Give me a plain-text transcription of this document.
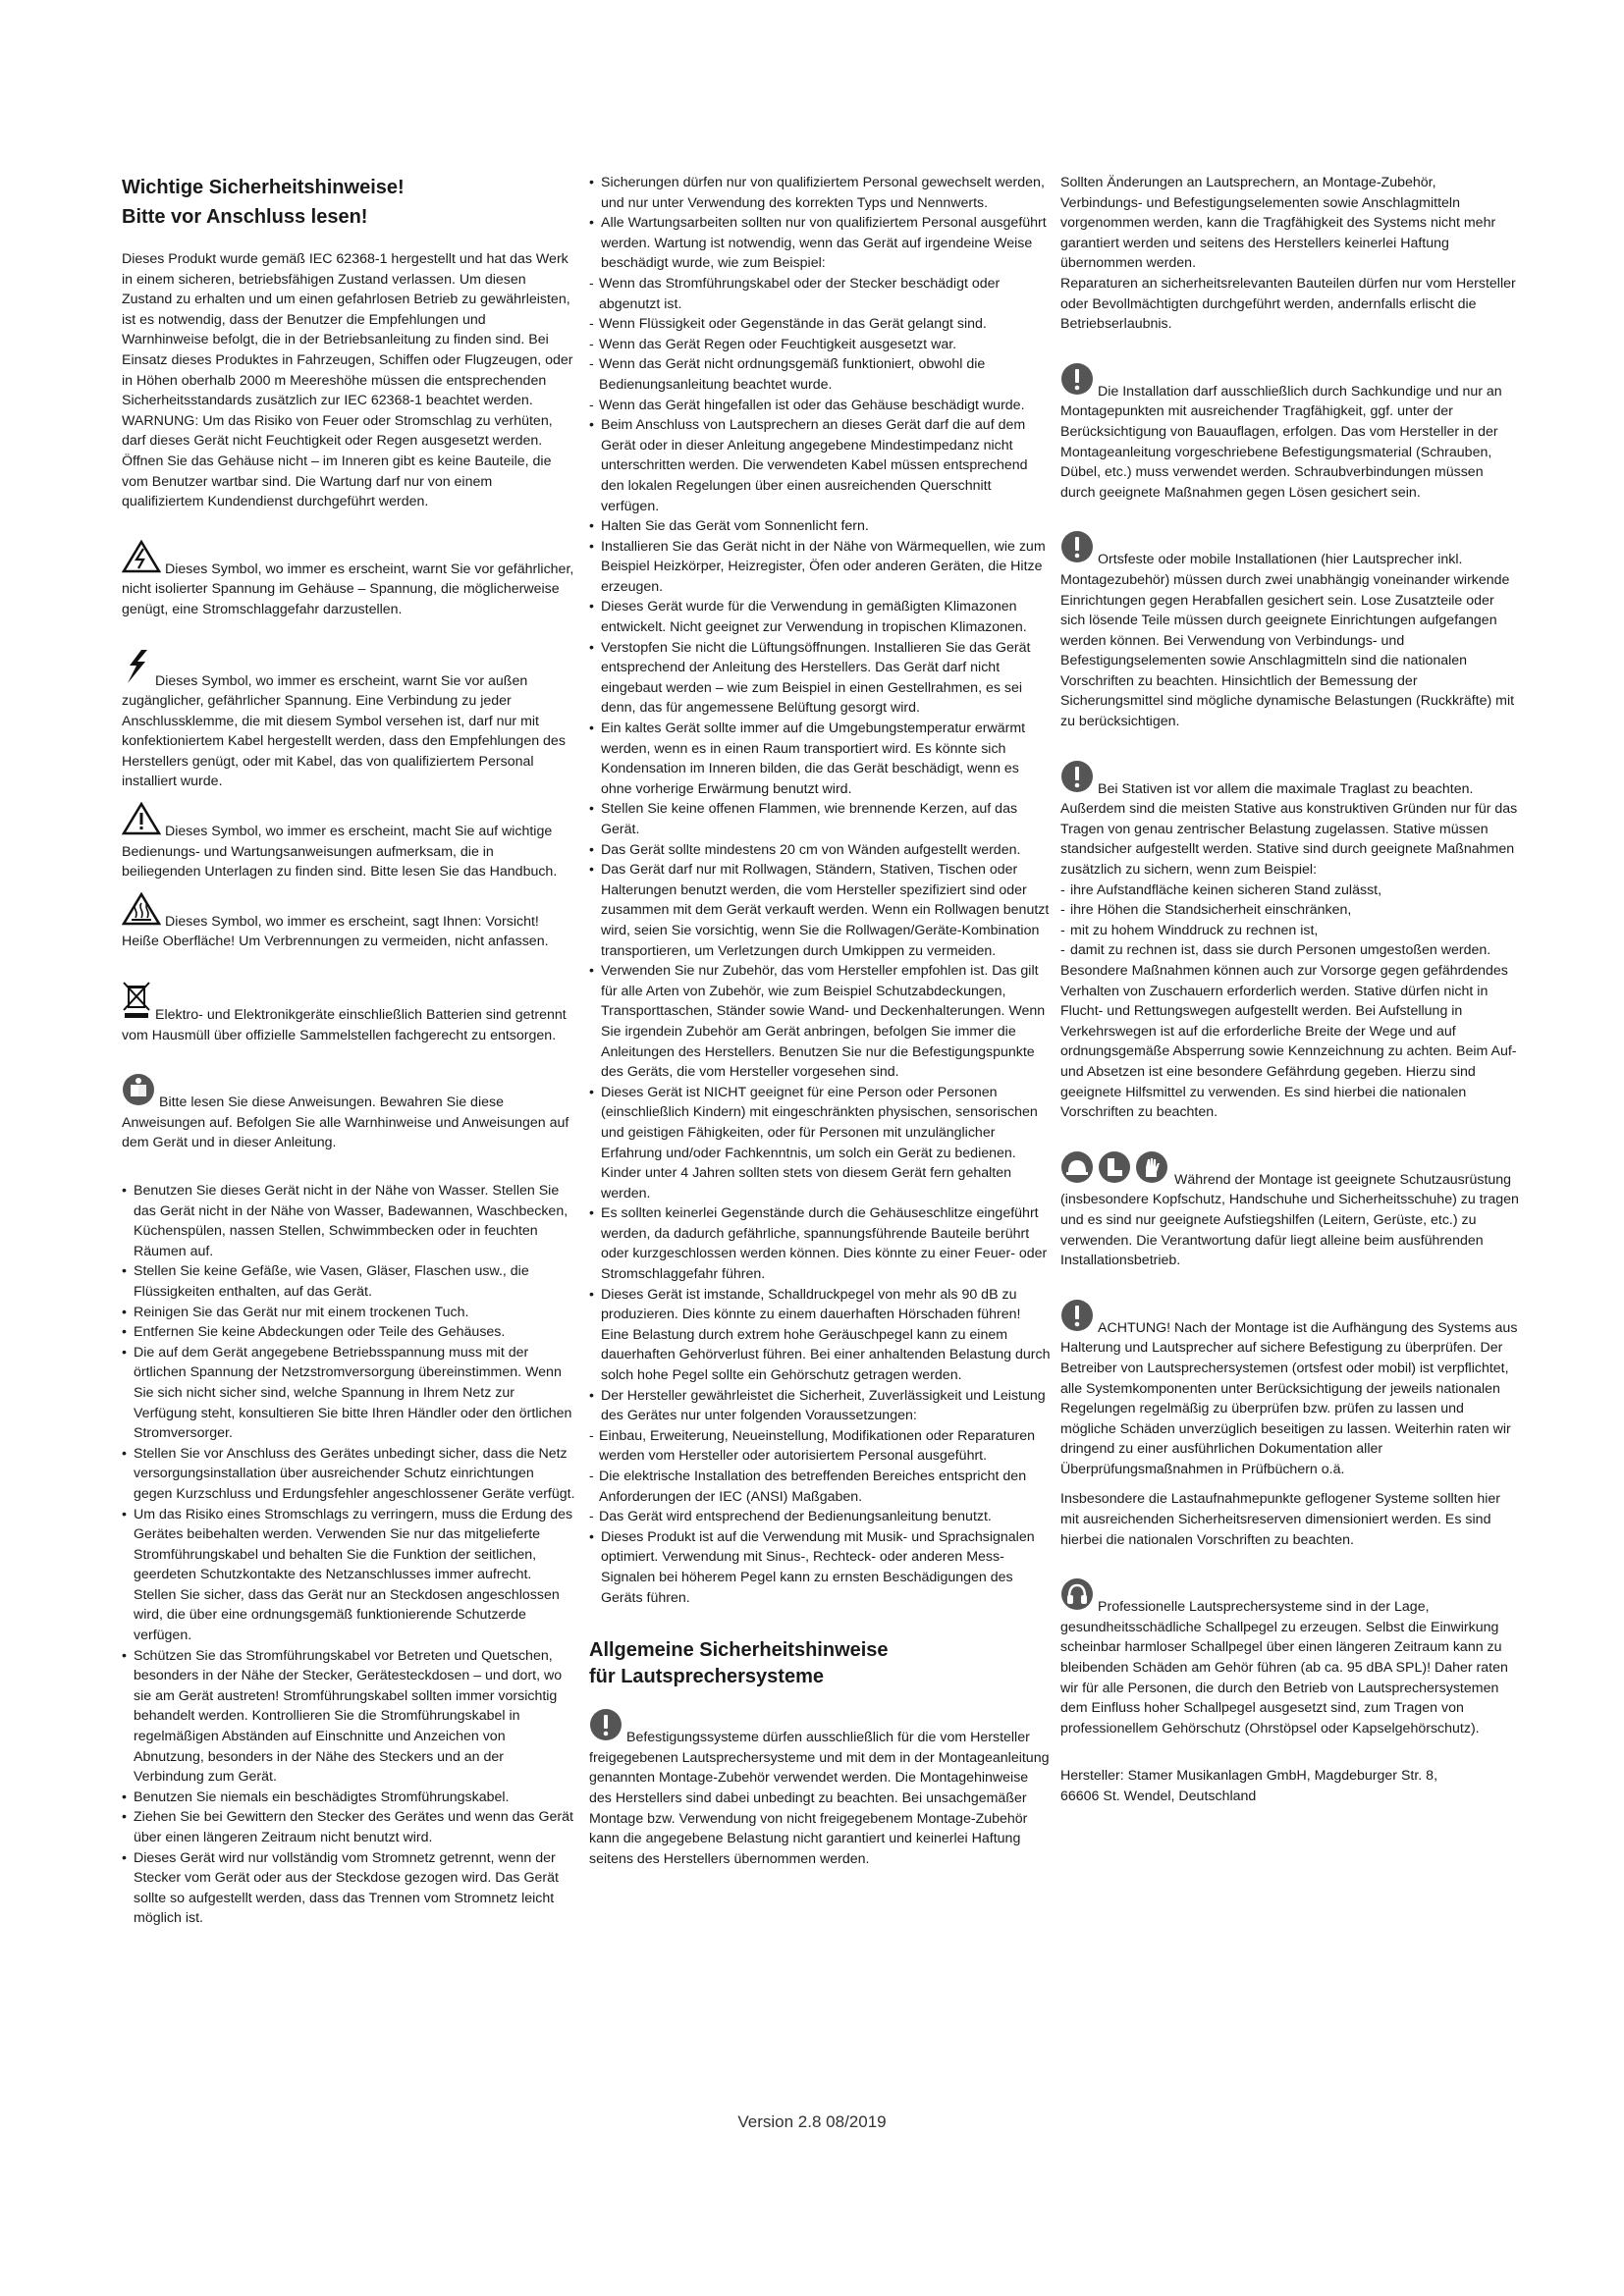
Wichtige Sicherheitshinweise!
Bitte vor Anschluss lesen!

Dieses Produkt wurde gemäß IEC 62368-1 hergestellt und hat das Werk in einem sicheren, betriebsfähigen Zustand verlassen. Um diesen Zustand zu erhalten und um einen gefahrlosen Betrieb zu gewährleisten, ist es notwendig, dass der Benutzer die Empfehlungen und Warnhinweise befolgt, die in der Betriebsanleitung zu finden sind. Bei Einsatz dieses Produktes in Fahrzeugen, Schiffen oder Flugzeugen, oder in Höhen oberhalb 2000 m Meereshöhe müssen die entsprechenden Sicherheitsstandards zusätzlich zur IEC 62368-1 beachtet werden. WARNUNG: Um das Risiko von Feuer oder Stromschlag zu verhüten, darf dieses Gerät nicht Feuchtigkeit oder Regen ausgesetzt werden. Öffnen Sie das Gehäuse nicht – im Inneren gibt es keine Bauteile, die vom Benutzer wartbar sind. Die Wartung darf nur von einem qualifiziertem Kundendienst durchgeführt werden.

Dieses Symbol, wo immer es erscheint, warnt Sie vor gefährlicher, nicht isolierter Spannung im Gehäuse – Spannung, die möglicherweise genügt, eine Stromschlaggefahr darzustellen.

Dieses Symbol, wo immer es erscheint, warnt Sie vor außen zugänglicher, gefährlicher Spannung. Eine Verbindung zu jeder Anschlussklemme, die mit diesem Symbol versehen ist, darf nur mit konfektioniertem Kabel hergestellt werden, dass den Empfehlungen des Herstellers genügt, oder mit Kabel, das von qualifiziertem Personal installiert wurde.

Dieses Symbol, wo immer es erscheint, macht Sie auf wichtige Bedienungs- und Wartungsanweisungen aufmerksam, die in beiliegenden Unterlagen zu finden sind. Bitte lesen Sie das Handbuch.

Dieses Symbol, wo immer es erscheint, sagt Ihnen: Vorsicht! Heiße Oberfläche! Um Verbrennungen zu vermeiden, nicht anfassen.

Elektro- und Elektronikgeräte einschließlich Batterien sind getrennt vom Hausmüll über offizielle Sammelstellen fachgerecht zu entsorgen.

Bitte lesen Sie diese Anweisungen. Bewahren Sie diese Anweisungen auf. Befolgen Sie alle Warnhinweise und Anweisungen auf dem Gerät und in dieser Anleitung.

• Benutzen Sie dieses Gerät nicht in der Nähe von Wasser. Stellen Sie das Gerät nicht in der Nähe von Wasser, Badewannen, Waschbecken, Küchenspülen, nassen Stellen, Schwimmbecken oder in feuchten Räumen auf.
• Stellen Sie keine Gefäße, wie Vasen, Gläser, Flaschen usw., die Flüssigkeiten enthalten, auf das Gerät.
• Reinigen Sie das Gerät nur mit einem trockenen Tuch.
• Entfernen Sie keine Abdeckungen oder Teile des Gehäuses.
• Die auf dem Gerät angegebene Betriebsspannung muss mit der örtlichen Spannung der Netzstromversorgung übereinstimmen. Wenn Sie sich nicht sicher sind, welche Spannung in Ihrem Netz zur Verfügung steht, konsultieren Sie bitte Ihren Händler oder den örtlichen Stromversorger.
• Stellen Sie vor Anschluss des Gerätes unbedingt sicher, dass die Netz versorgungsinstallation über ausreichender Schutz einrichtungen gegen Kurzschluss und Erdungsfehler angeschlossener Geräte verfügt.
• Um das Risiko eines Stromschlags zu verringern, muss die Erdung des Gerätes beibehalten werden. Verwenden Sie nur das mitgelieferte Stromführungskabel und behalten Sie die Funktion der seitlichen, geerdeten Schutzkontakte des Netzanschlusses immer aufrecht. Stellen Sie sicher, dass das Gerät nur an Steckdosen angeschlossen wird, die über eine ordnungsgemäß funktionierende Schutzerde verfügen.
• Schützen Sie das Stromführungskabel vor Betreten und Quetschen, besonders in der Nähe der Stecker, Gerätesteckdosen – und dort, wo sie am Gerät austreten! Stromführungskabel sollten immer vorsichtig behandelt werden. Kontrollieren Sie die Stromführungskabel in regelmäßigen Abständen auf Einschnitte und Anzeichen von Abnutzung, besonders in der Nähe des Steckers und an der Verbindung zum Gerät.
• Benutzen Sie niemals ein beschädigtes Stromführungskabel.
• Ziehen Sie bei Gewittern den Stecker des Gerätes und wenn das Gerät über einen längeren Zeitraum nicht benutzt wird.
• Dieses Gerät wird nur vollständig vom Stromnetz getrennt, wenn der Stecker vom Gerät oder aus der Steckdose gezogen wird. Das Gerät sollte so aufgestellt werden, dass das Trennen vom Stromnetz leicht möglich ist.
• Sicherungen dürfen nur von qualifiziertem Personal gewechselt werden, und nur unter Verwendung des korrekten Typs und Nennwerts.
• Alle Wartungsarbeiten sollten nur von qualifiziertem Personal ausgeführt werden. Wartung ist notwendig, wenn das Gerät auf irgendeine Weise beschädigt wurde, wie zum Beispiel:
- Wenn das Stromführungskabel oder der Stecker beschädigt oder abgenutzt ist.
- Wenn Flüssigkeit oder Gegenstände in das Gerät gelangt sind.
- Wenn das Gerät Regen oder Feuchtigkeit ausgesetzt war.
- Wenn das Gerät nicht ordnungsgemäß funktioniert, obwohl die Bedienungsanleitung beachtet wurde.
- Wenn das Gerät hingefallen ist oder das Gehäuse beschädigt wurde.
• Beim Anschluss von Lautsprechern an dieses Gerät darf die auf dem Gerät oder in dieser Anleitung angegebene Mindestimpedanz nicht unterschritten werden. Die verwendeten Kabel müssen entsprechend den lokalen Regelungen über einen ausreichenden Querschnitt verfügen.
• Halten Sie das Gerät vom Sonnenlicht fern.
• Installieren Sie das Gerät nicht in der Nähe von Wärmequellen, wie zum Beispiel Heizkörper, Heizregister, Öfen oder anderen Geräten, die Hitze erzeugen.
• Dieses Gerät wurde für die Verwendung in gemäßigten Klimazonen entwickelt. Nicht geeignet zur Verwendung in tropischen Klimazonen.
• Verstopfen Sie nicht die Lüftungsöffnungen. Installieren Sie das Gerät entsprechend der Anleitung des Herstellers. Das Gerät darf nicht eingebaut werden – wie zum Beispiel in einen Gestellrahmen, es sei denn, das für angemessene Belüftung gesorgt wird.
• Ein kaltes Gerät sollte immer auf die Umgebungstemperatur erwärmt werden, wenn es in einen Raum transportiert wird. Es könnte sich Kondensation im Inneren bilden, die das Gerät beschädigt, wenn es ohne vorherige Erwärmung benutzt wird.
• Stellen Sie keine offenen Flammen, wie brennende Kerzen, auf das Gerät.
• Das Gerät sollte mindestens 20 cm von Wänden aufgestellt werden.
• Das Gerät darf nur mit Rollwagen, Ständern, Stativen, Tischen oder Halterungen benutzt werden, die vom Hersteller spezifiziert sind oder zusammen mit dem Gerät verkauft werden. Wenn ein Rollwagen benutzt wird, seien Sie vorsichtig, wenn Sie die Rollwagen/Geräte-Kombination transportieren, um Verletzungen durch Umkippen zu vermeiden.
• Verwenden Sie nur Zubehör, das vom Hersteller empfohlen ist. Das gilt für alle Arten von Zubehör, wie zum Beispiel Schutzabdeckungen, Transporttaschen, Ständer sowie Wand- und Deckenhalterungen. Wenn Sie irgendein Zubehör am Gerät anbringen, befolgen Sie immer die Anleitungen des Herstellers. Benutzen Sie nur die Befestigungspunkte des Geräts, die vom Hersteller vorgesehen sind.
• Dieses Gerät ist NICHT geeignet für eine Person oder Personen (einschließlich Kindern) mit eingeschränkten physischen, sensorischen und geistigen Fähigkeiten, oder für Personen mit unzulänglicher Erfahrung und/oder Fachkenntnis, um solch ein Gerät zu bedienen. Kinder unter 4 Jahren sollten stets von diesem Gerät fern gehalten werden.
• Es sollten keinerlei Gegenstände durch die Gehäuseschlitze eingeführt werden, da dadurch gefährliche, spannungsführende Bauteile berührt oder kurzgeschlossen werden können. Dies könnte zu einer Feuer- oder Stromschlaggefahr führen.
• Dieses Gerät ist imstande, Schalldruckpegel von mehr als 90 dB zu produzieren. Dies könnte zu einem dauerhaften Hörschaden führen! Eine Belastung durch extrem hohe Geräuschpegel kann zu einem dauerhaften Gehörverlust führen. Bei einer anhaltenden Belastung durch solch hohe Pegel sollte ein Gehörschutz getragen werden.
• Der Hersteller gewährleistet die Sicherheit, Zuverlässigkeit und Leistung des Gerätes nur unter folgenden Voraussetzungen:
- Einbau, Erweiterung, Neueinstellung, Modifikationen oder Reparaturen werden vom Hersteller oder autorisiertem Personal ausgeführt.
- Die elektrische Installation des betreffenden Bereiches entspricht den Anforderungen der IEC (ANSI) Maßgaben.
- Das Gerät wird entsprechend der Bedienungsanleitung benutzt.
• Dieses Produkt ist auf die Verwendung mit Musik- und Sprachsignalen optimiert. Verwendung mit Sinus-, Rechteck- oder anderen Mess-Signalen bei höherem Pegel kann zu ernsten Beschädigungen des Geräts führen.
Allgemeine Sicherheitshinweise
für Lautsprechersysteme

Befestigungssysteme dürfen ausschließlich für die vom Hersteller freigegebenen Lautsprechersysteme und mit dem in der Montageanleitung genannten Montage-Zubehör verwendet werden. Die Montagehinweise des Herstellers sind dabei unbedingt zu beachten. Bei unsachgemäßer Montage bzw. Verwendung von nicht freigegebenem Montage-Zubehör kann die angegebene Belastung nicht garantiert und keinerlei Haftung seitens des Herstellers übernommen werden.

Sollten Änderungen an Lautsprechern, an Montage-Zubehör, Verbindungs- und Befestigungselementen sowie Anschlagmitteln vorgenommen werden, kann die Tragfähigkeit des Systems nicht mehr garantiert werden und seitens des Herstellers keinerlei Haftung übernommen werden.

Reparaturen an sicherheitsrelevanten Bauteilen dürfen nur vom Hersteller oder Bevollmächtigten durchgeführt werden, andernfalls erlischt die Betriebserlaubnis.

Die Installation darf ausschließlich durch Sachkundige und nur an Montagepunkten mit ausreichender Tragfähigkeit, ggf. unter der Berücksichtigung von Bauauflagen, erfolgen. Das vom Hersteller in der Montageanleitung vorgeschriebene Befestigungsmaterial (Schrauben, Dübel, etc.) muss verwendet werden. Schraubverbindungen müssen durch geeignete Maßnahmen gegen Lösen gesichert sein.

Ortsfeste oder mobile Installationen (hier Lautsprecher inkl. Montagezubehör) müssen durch zwei unabhängig voneinander wirkende Einrichtungen gegen Herabfallen gesichert sein. Lose Zusatzteile oder sich lösende Teile müssen durch geeignete Einrichtungen aufgefangen werden können. Bei Verwendung von Verbindungs- und Befestigungselementen sowie Anschlagmitteln sind die nationalen Vorschriften zu beachten. Hinsichtlich der Bemessung der Sicherungsmittel sind mögliche dynamische Belastungen (Ruckkräfte) mit zu berücksichtigen.

Bei Stativen ist vor allem die maximale Traglast zu beachten. Außerdem sind die meisten Stative aus konstruktiven Gründen nur für das Tragen von genau zentrischer Belastung zugelassen. Stative müssen standsicher aufgestellt werden. Stative sind durch geeignete Maßnahmen zusätzlich zu sichern, wenn zum Beispiel:

- ihre Aufstandfläche keinen sicheren Stand zulässt,
- ihre Höhen die Standsicherheit einschränken,
- mit zu hohem Winddruck zu rechnen ist,
- damit zu rechnen ist, dass sie durch Personen umgestoßen werden.

Besondere Maßnahmen können auch zur Vorsorge gegen gefährdendes Verhalten von Zuschauern erforderlich werden. Stative dürfen nicht in Flucht- und Rettungswegen aufgestellt werden. Bei Aufstellung in Verkehrswegen ist auf die erforderliche Breite der Wege und auf ordnungsgemäße Absperrung sowie Kennzeichnung zu achten. Beim Auf- und Absetzen ist eine besondere Gefährdung gegeben. Hierzu sind geeignete Hilfsmittel zu verwenden. Es sind hierbei die nationalen Vorschriften zu beachten.

Während der Montage ist geeignete Schutzausrüstung (insbesondere Kopfschutz, Handschuhe und Sicherheitsschuhe) zu tragen und es sind nur geeignete Aufstiegshilfen (Leitern, Gerüste, etc.) zu verwenden. Die Verantwortung dafür liegt alleine beim ausführenden Installationsbetrieb.

ACHTUNG! Nach der Montage ist die Aufhängung des Systems aus Halterung und Lautsprecher auf sichere Befestigung zu überprüfen. Der Betreiber von Lautsprechersystemen (ortsfest oder mobil) ist verpflichtet, alle Systemkomponenten unter Berücksichtigung der jeweils nationalen Regelungen regelmäßig zu überprüfen bzw. prüfen zu lassen und mögliche Schäden unverzüglich beseitigen zu lassen. Weiterhin raten wir dringend zu einer ausführlichen Dokumentation aller Überprüfungsmaßnahmen in Prüfbüchern o.ä.

Insbesondere die Lastaufnahmepunkte geflogener Systeme sollten hier mit ausreichenden Sicherheitsreserven dimensioniert werden. Es sind hierbei die nationalen Vorschriften zu beachten.

Professionelle Lautsprechersysteme sind in der Lage, gesundheitsschädliche Schallpegel zu erzeugen. Selbst die Einwirkung scheinbar harmloser Schallpegel über einen längeren Zeitraum kann zu bleibenden Schäden am Gehör führen (ab ca. 95 dBA SPL)! Daher raten wir für alle Personen, die durch den Betrieb von Lautsprechersystemen dem Einfluss hoher Schallpegel ausgesetzt sind, zum Tragen von professionellem Gehörschutz (Ohrstöpsel oder Kapselgehörschutz).

Hersteller: Stamer Musikanlagen GmbH, Magdeburger Str. 8,
66606 St. Wendel, Deutschland

Version 2.8 08/2019
